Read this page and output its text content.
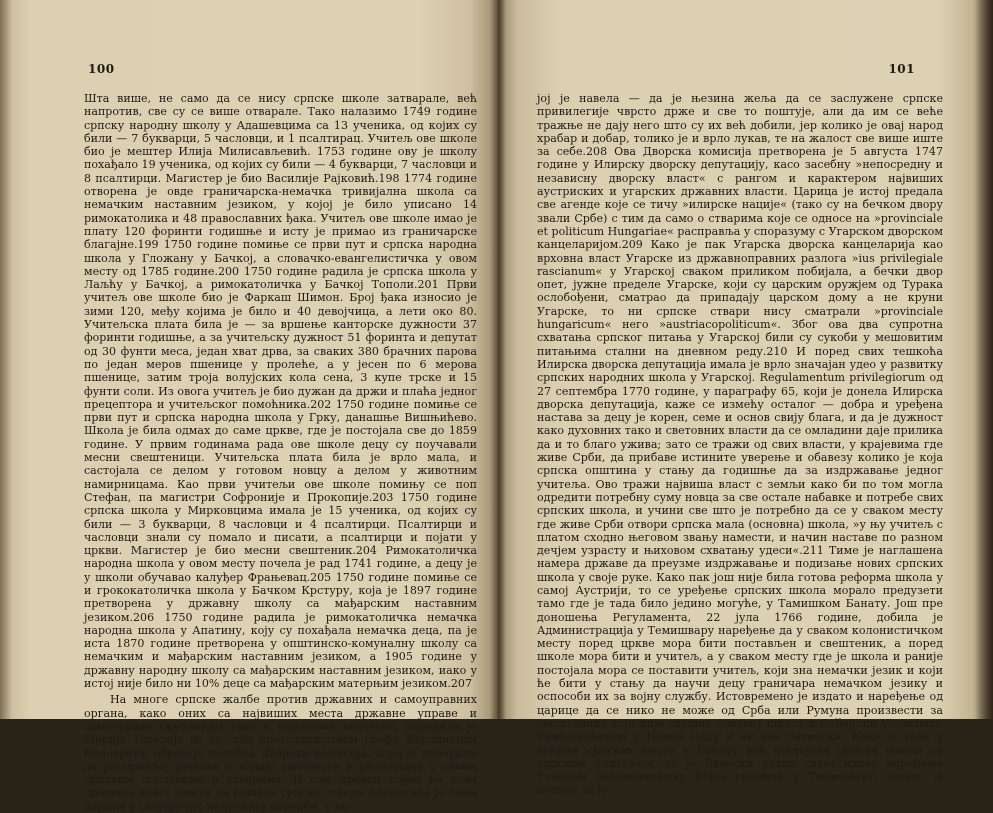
100

Шта више, не само да се нису српске школе затварале, већ напротив, све су се више отварале. Тако налазимо 1749 године српску народну школу у Адашевцима са 13 ученика, од којих су били — 7 букварци, 5 часловци, и 1 псалтирац. Учитељ ове школе био је мештер Илија Милисављевић. 1753 године ову је школу похађало 19 ученика, од којих су били — 4 букварци, 7 часловци и 8 псалтирци. Магистер је био Василије Рајковић.198 1774 године отворена је овде граничарска-немачка тривијална школа са немачким наставним језиком, у којој је било уписано 14 римокатолика и 48 православних ђака. Учитељ ове школе имао је плату 120 форинти годишње и исту је примао из граничарске благајне.199 1750 године помиње се први пут и српска народна школа у Гложану у Бачкој, а словачко-евангелистичка у овом месту од 1785 године.200 1750 године радила је српска школа у Лаљћу у Бачкој, а римокатоличка у Бачкој Тополи.201 Први учитељ ове школе био је Фаркаш Шимон. Број ђака износио је зими 120, међу којима је било и 40 девојчица, а лети око 80. Учитељска плата била је — за вршење канторске дужности 37 форинти годишње, а за учитељску дужност 51 форинта и депутат од 30 фунти меса, један хват дрва, за сваких 380 брачних парова по један меров пшенице у пролеће, а у јесен по 6 мерова пшенице, затим троја волујских кола сена, 3 купе трске и 15 фунти соли. Из овога учитељ је био дужан да држи и плаћа једног прецептора и учитељског помоћника.202 1750 године помиње се први пут и српска народна школа у Грку, данашње Вишњићево. Школа је била одмах до саме цркве, где је постојала све до 1859 године. У првим годинама рада ове школе децу су поучавали месни свештеници. Учитељска плата била је врло мала, и састојала се делом у готовом новцу а делом у животним намирницама. Као први учитељи ове школе помињу се поп Стефан, па магистри Софроније и Прокопије.203 1750 године српска школа у Мирковцима имала је 15 ученика, од којих су били — 3 букварци, 8 часловци и 4 псалтирци. Псалтирци и часловци знали су помало и писати, а псалтирци и појати у цркви. Магистер је био месни свештеник.204 Римокатоличка народна школа у овом месту почела је рад 1741 године, а децу је у школи обучавао калуђер Фрањевац.205 1750 године помиње се и грококатоличка школа у Бачком Крстуру, која је 1897 године претворена у државну школу са мађарским наставним језиком.206 1750 године радила је римокатоличка немачка народна школа у Апатину, коју су похађала немачка деца, па је иста 1870 године претворена у општинско-комуналну школу са немачким и мађарским наставним језиком, а 1905 године у државну народну школу са мађарским наставним језиком, иако у истој није било ни 10% деце са мађарским матерњим језиком.207

На многе српске жалбе против државних и самоуправних органа, како оних са највиших места државне управе и самоуправе (жупанија) тако и појединих властеле, одредила је Марија Терезија да се, под претседништвом грофа Фердинанда Коловрата, образује посебна Дворска комисија, којој је поверила да расправља, решава и издаје заповести и резолуције у свима српским пословима и стварима. И сам правац којим ће нова државна власт имати да решава српске ствари прописала је сама царица у својеручно написаној наредби, у ко-

101

јој је навела — да је њезина жеља да се заслужене српске привилегије чврсто држе и све то поштује, али да им се веће тражње не дају него што су их већ добили, јер колико је овај народ храбар и добар, толико је и врло лукав, те на жалост све више иште за себе.208 Ова Дворска комисија претворена је 5 августа 1747 године у Илирску дворску депутацију, касо засебну »непосредну и независну дворску власт« с рангом и карактером највиших аустриских и угарских државних власти. Царица је истој предала све агенде које се тичу »илирске нације« (тако су на бечком двору звали Србе) с тим да само о стварима које се односе на »provinciale et politicum Hungariae« расправља у споразуму с Угарском дворском канцеларијом.209 Како је пак Угарска дворска канцеларија као врховна власт Угарске из државноправних разлога »ius privilegiale rascianum« у Угарској сваком приликом побијала, а бечки двор опет, јужне пределе Угарске, који су царским оружјем од Турака ослобођени, сматрао да припадају царском дому а не круни Угарске, то ни српске ствари нису сматрали »provinciale hungaricum« него »austriacopoliticum«. Због ова два супротна схватања српског питања у Угарској били су сукоби у мешовитим питањима стални на дневном реду.210 И поред свих тешкоћа Илирска дворска депутација имала је врло значајан удео у развитку српских народних школа у Угарској. Regulamentum privilegiorum од 27 септембра 1770 године, у параграфу 65, који је донела Илирска дворска депутација, каже се измећу осталог — добра и уређена настава за децу је корен, семе и основ свију блага, и да је дужност како духовних тако и световних власти да се омладини даје прилика да и то благо ужива; зато се тражи од свих власти, у крајевима где живе Срби, да прибаве истините уверење и обавезу колико је која српска општина у стању да годишње да за издржавање једног учитеља. Ово тражи највиша власт с земљи како би по том могла одредити потребну суму новца за све остале набавке и потребе свих српских школа, и учини све што је потребно да се у сваком месту где живе Срби отвори српска мала (основна) школа, »у њу учитељ с платом сходно његовом звању намести, и начин наставе по разном дечјем узрасту и њиховом схватању удеси«.211 Тиме је наглашена намера државе да преузме издржавање и подизање нових српских школа у своје руке. Како пак још није била готова реформа школа у самој Аустрији, то се уређење српских школа морало предузети тамо где је тада било једино могуће, у Тамишком Банату. Још пре доношења Регуламента, 22 јула 1766 године, добила је Администрација у Темишвару наређење да у сваком колонистичком месту поред цркве мора бити постављен и свештеник, а поред школе мора бити и учитељ, а у сваком месту где је школа и раније постојала мора се поставити учитељ, који зна немачки језик и који ће бити у стању да научи децу граничара немачком језику и оспособи их за војну службу. Истовремено је издато и наређење од царице да се нико не може од Срба или Румуна произвести за свештеника који није свршио основну школу и Collegium Vissarionо-Pawlovicsianum у Новом Саду и не зна латински. Како је тада у већини српских места у Банату већ постојала српска школа са српским учитељем, то је Дворски ратни савет издао наређење Главном заповедништву Војне границе у Темишвару, пошто је дознао да је
